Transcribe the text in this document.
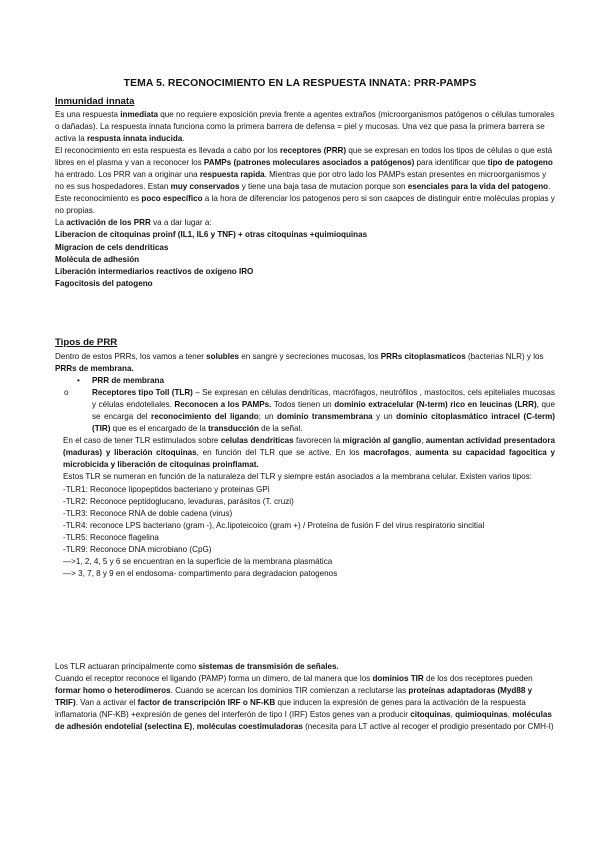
TEMA 5. RECONOCIMIENTO EN LA RESPUESTA INNATA: PRR-PAMPS
Inmunidad innata

Es una respuesta inmediata que no requiere exposición previa frente a agentes extraños (microorganismos patógenos o células tumorales o dañadas). La respuesta innata funciona como la primera barrera de defensa = piel y mucosas. Una vez que pasa la primera barrera se activa la respusta innata inducida.

El reconocimiento en esta respuesta es llevada a cabo por los receptores (PRR) que se expresan en todos los tipos de células o que está libres en el plasma y van a reconocer los PAMPs (patrones moleculares asociados a patógenos) para identificar que tipo de patogeno ha entrado. Los PRR van a originar una respuesta rapida. Mientras que por otro lado los PAMPs estan presentes en microorganismos y no es sus hospedadores. Estan muy conservados y tiene una baja tasa de mutacion porque son esenciales para la vida del patogeno. Este reconocimiento es poco específico a la hora de diferenciar los patogenos pero si son caapces de distinguir entre moléculas propias y no propias.

La activación de los PRR va a dar lugar a:

Liberacion de citoquinas proinf (IL1, IL6 y TNF) + otras citoquinas +quimioquinas

Migracion de cels dendriticas

Molécula de adhesión

Liberación intermediarios reactivos de oxígeno IRO

Fagocitosis del patogeno

Tipos de PRR

Dentro de estos PRRs, los vamos a tener solubles en sangre y secreciones mucosas, los PRRs citoplasmaticos (bacterias NLR) y los PRRs de membrana.

• PRR de membrana
o	Receptores tipo Toll (TLR) – Se expresan en células dendríticas, macrófagos, neutrófilos , mastocitos, cels epiteliales mucosas y células endoteliales. Reconocen a los PAMPs. Todos tienen un dominio extracelular (N-term) rico en leucinas (LRR), que se encarga del reconocimiento del ligando; un dominio transmembrana y un dominio citoplasmático intracel (C-term) (TIR) que es el encargado de la transducción de la señal.

En el caso de tener TLR estimulados sobre celulas dendriticas favorecen la migración al ganglio, aumentan actividad presentadora (maduras) y liberación citoquinas, en función del TLR que se active. En los macrofagos, aumenta su capacidad fagocitica y microbicida y liberación de citoquinas proinflamat.

Estos TLR se numeran en función de la naturaleza del TLR y siempre están asociados a la membrana celular. Existen varios tipos:

-TLR1: Reconoce lipopeptidos bacteriano y proteinas GPi

-TLR2: Reconoce peptidoglucano, levaduras, parásitos (T. cruzi)

-TLR3: Reconoce RNA de doble cadena (virus)

-TLR4: reconoce LPS bacteriano (gram -), Ac.lipoteicoico (gram +) / Proteína de fusión F del virus respiratorio sincitial

-TLR5: Reconoce flagelina

-TLR9: Reconoce DNA microbiano (CpG)

—>1, 2, 4, 5 y 6 se encuentran en la superficie de la membrana plasmática

—> 3, 7, 8 y 9 en el endosoma- compartimento para degradacion patogenos

Los TLR actuaran principalmente como sistemas de transmisión de señales.

Cuando el receptor reconoce el ligando (PAMP) forma un dímero, de tal manera que los dominios TIR de los dos receptores pueden formar homo o heterodímeros. Cuando se acercan los dominios TIR comienzan a reclutarse las proteínas adaptadoras (Myd88 y TRIF). Van a activar el factor de transcripción IRF o NF-KB que inducen la expresión de genes para la activación de la respuesta inflamatoria (NF-KB) +expresión de genes del interferón de tipo I (IRF) Estos genes van a producir citoquinas, quimioquinas, moléculas de adhesión endotelial (selectina E), moléculas coestimuladoras (necesita para LT active al recoger el prodigio presentado por CMH-I)
